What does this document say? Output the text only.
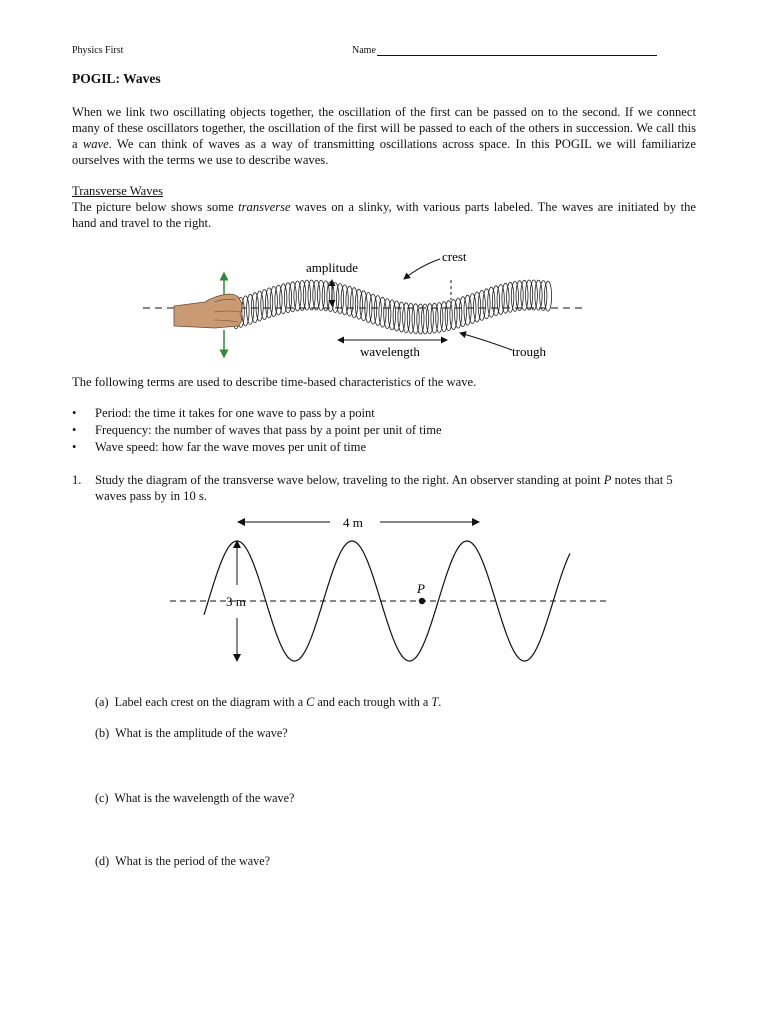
Physics First	Name
POGIL: Waves

When we link two oscillating objects together, the oscillation of the first can be passed on to the second. If we connect many of these oscillators together, the oscillation of the first will be passed to each of the others in succession. We call this a wave. We can think of waves as a way of transmitting oscillations across space. In this POGIL we will familiarize ourselves with the terms we use to describe waves.

Transverse Waves

The picture below shows some transverse waves on a slinky, with various parts labeled. The waves are initiated by the hand and travel to the right.

amplitude
crest
wavelength	trough
The following terms are used to describe time-based characteristics of the wave.
• Period: the time it takes for one wave to pass by a point
• Frequency: the number of waves that pass by a point per unit of time
• Wave speed: how far the wave moves per unit of time
1. Study the diagram of the transverse wave below, traveling to the right. An observer standing at point P notes that 5 waves pass by in 10 s.
4 m
3 m
P
(a) Label each crest on the diagram with a C and each trough with a T.
(b) What is the amplitude of the wave?
(c) What is the wavelength of the wave?
(d) What is the period of the wave?
